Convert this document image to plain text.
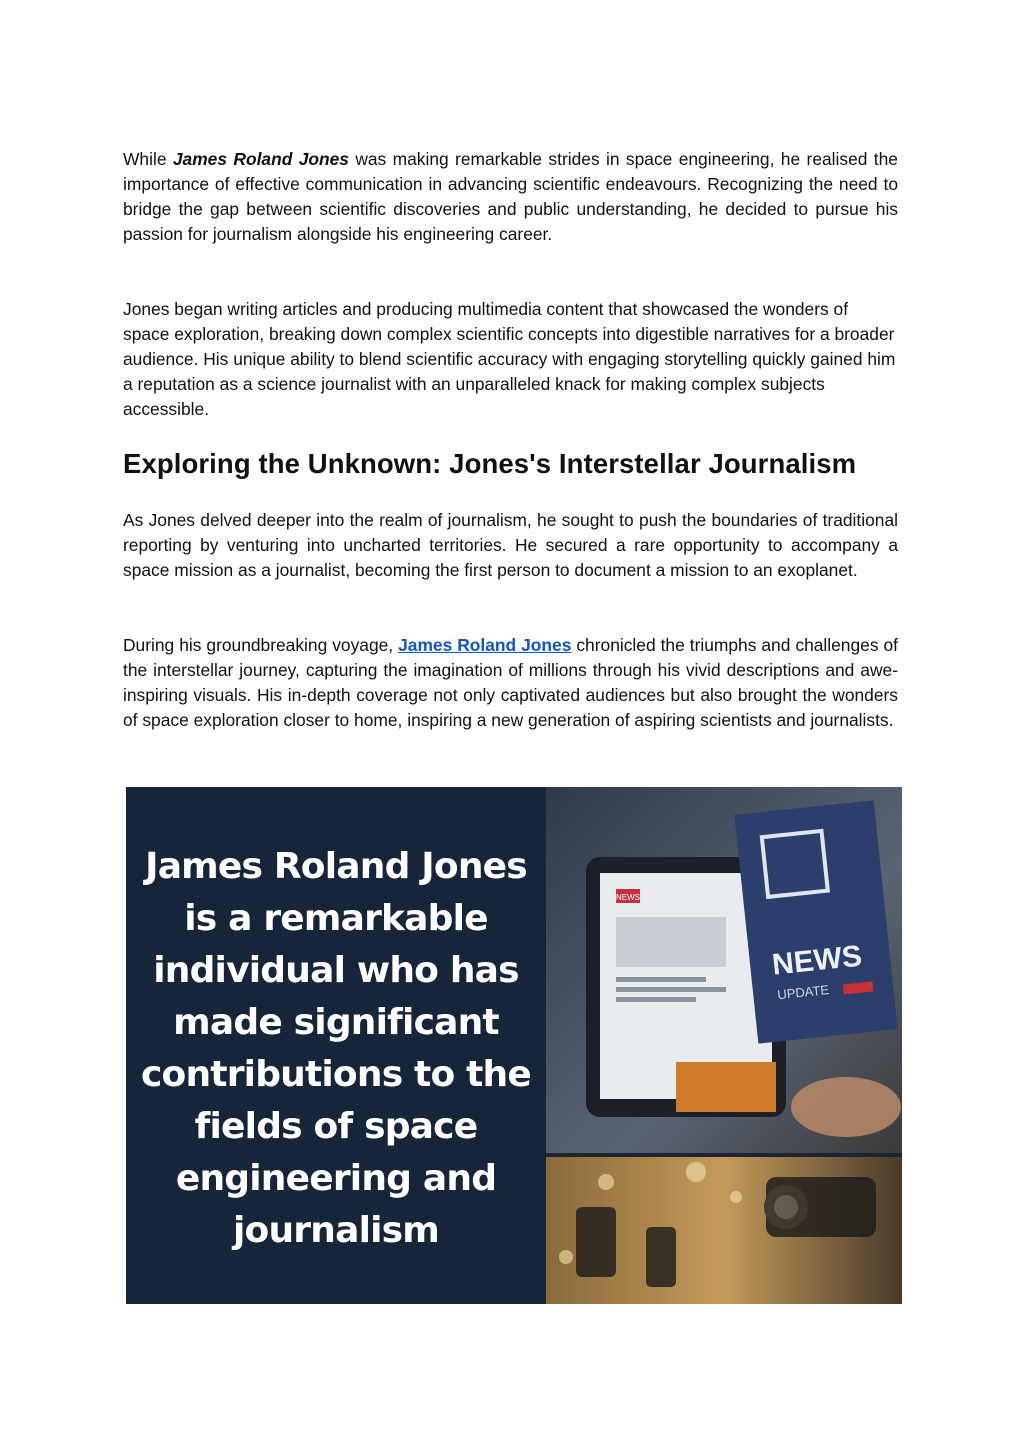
While James Roland Jones was making remarkable strides in space engineering, he realised the importance of effective communication in advancing scientific endeavours. Recognizing the need to bridge the gap between scientific discoveries and public understanding, he decided to pursue his passion for journalism alongside his engineering career.

Jones began writing articles and producing multimedia content that showcased the wonders of space exploration, breaking down complex scientific concepts into digestible narratives for a broader audience. His unique ability to blend scientific accuracy with engaging storytelling quickly gained him a reputation as a science journalist with an unparalleled knack for making complex subjects accessible.

Exploring the Unknown: Jones's Interstellar Journalism

As Jones delved deeper into the realm of journalism, he sought to push the boundaries of traditional reporting by venturing into uncharted territories. He secured a rare opportunity to accompany a space mission as a journalist, becoming the first person to document a mission to an exoplanet.

During his groundbreaking voyage, James Roland Jones chronicled the triumphs and challenges of the interstellar journey, capturing the imagination of millions through his vivid descriptions and awe-inspiring visuals. His in-depth coverage not only captivated audiences but also brought the wonders of space exploration closer to home, inspiring a new generation of aspiring scientists and journalists.

James Roland Jones is a remarkable individual who has made significant contributions to the fields of space engineering and journalism

NEWS
NEWS
UPDATE
